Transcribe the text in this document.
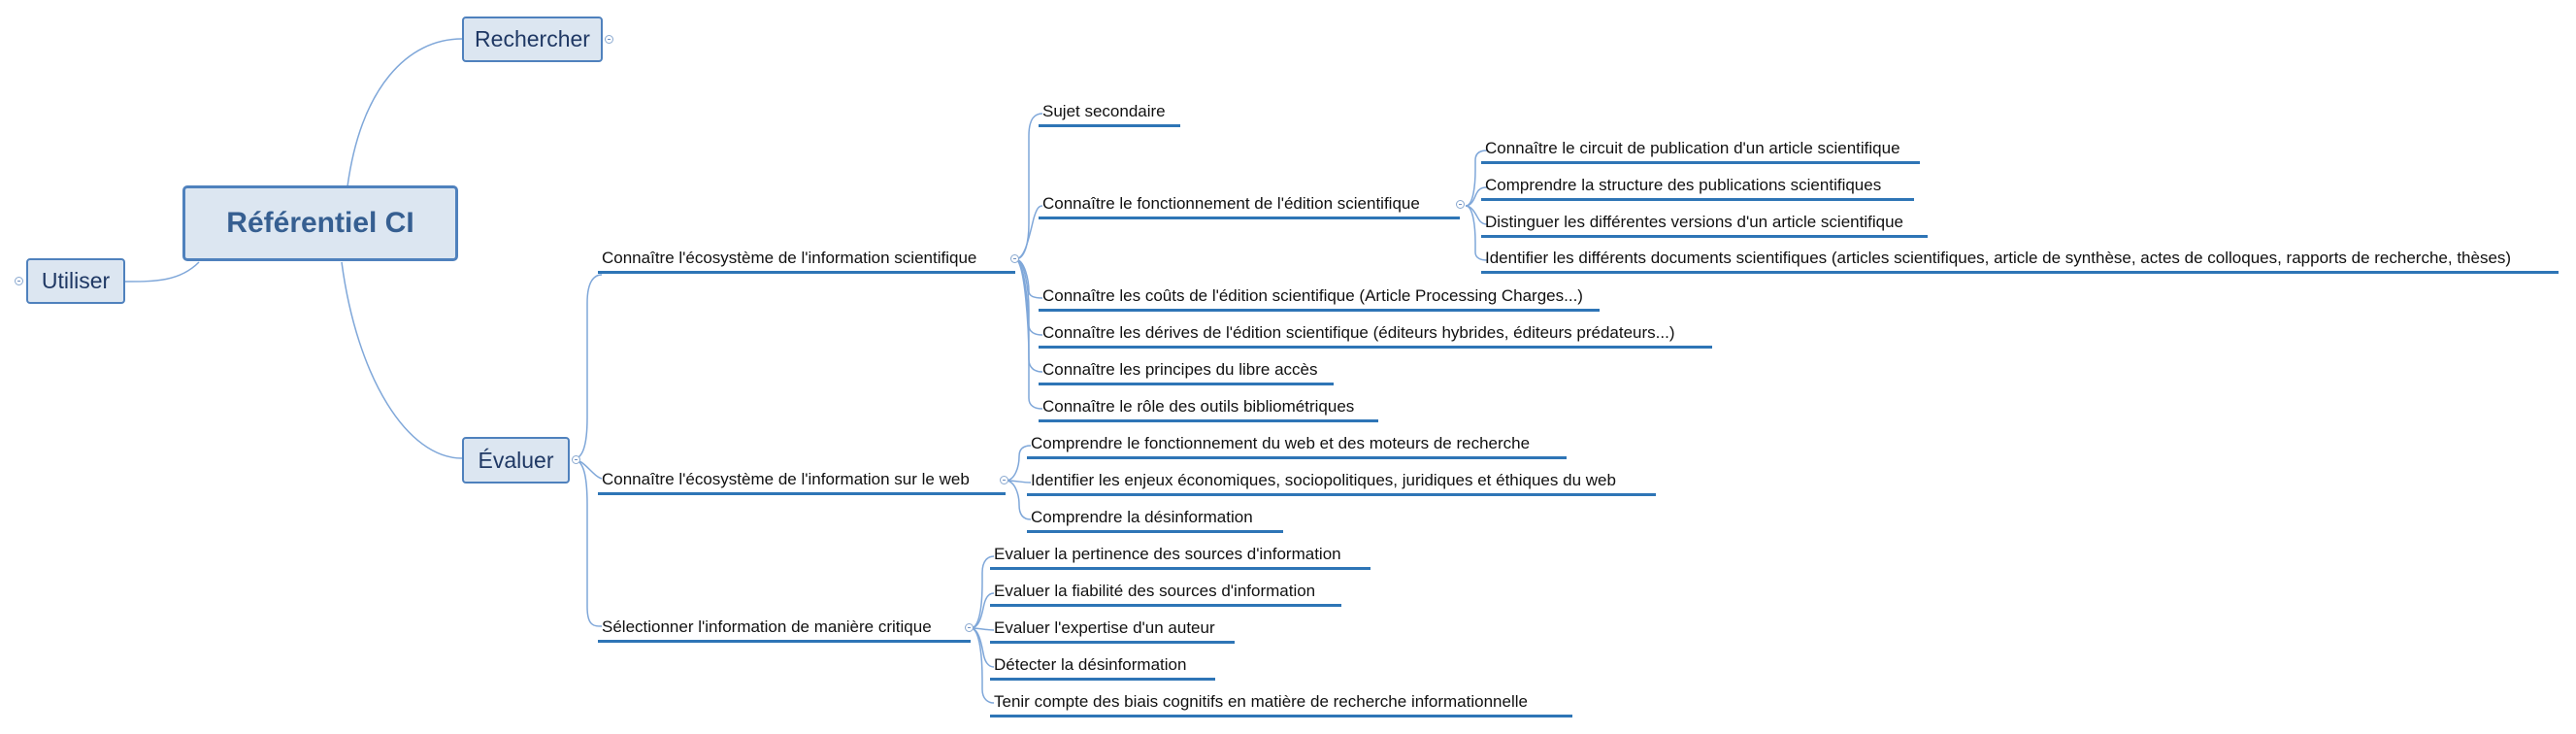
Référentiel CI
Rechercher
Utiliser
Évaluer
Connaître l'écosystème de l'information scientifique
Connaître l'écosystème de l'information sur le web
Sélectionner l'information de manière critique
Sujet secondaire
Connaître le fonctionnement de l'édition scientifique
Connaître les coûts de l'édition scientifique (Article Processing Charges...)
Connaître les dérives de l'édition scientifique (éditeurs hybrides, éditeurs prédateurs...)
Connaître les principes du libre accès
Connaître le rôle des outils bibliométriques
Connaître le circuit de publication d'un article scientifique
Comprendre la structure des publications scientifiques
Distinguer les différentes versions d'un article scientifique
Identifier les différents documents scientifiques (articles scientifiques, article de synthèse, actes de colloques, rapports de recherche, thèses)
Comprendre le fonctionnement du web et des moteurs de recherche
Identifier les enjeux économiques, sociopolitiques, juridiques et éthiques du web
Comprendre la désinformation
Evaluer la pertinence des sources d'information
Evaluer la fiabilité des sources d'information
Evaluer l'expertise d'un auteur
Détecter la désinformation
Tenir compte des biais cognitifs en matière de recherche informationnelle
